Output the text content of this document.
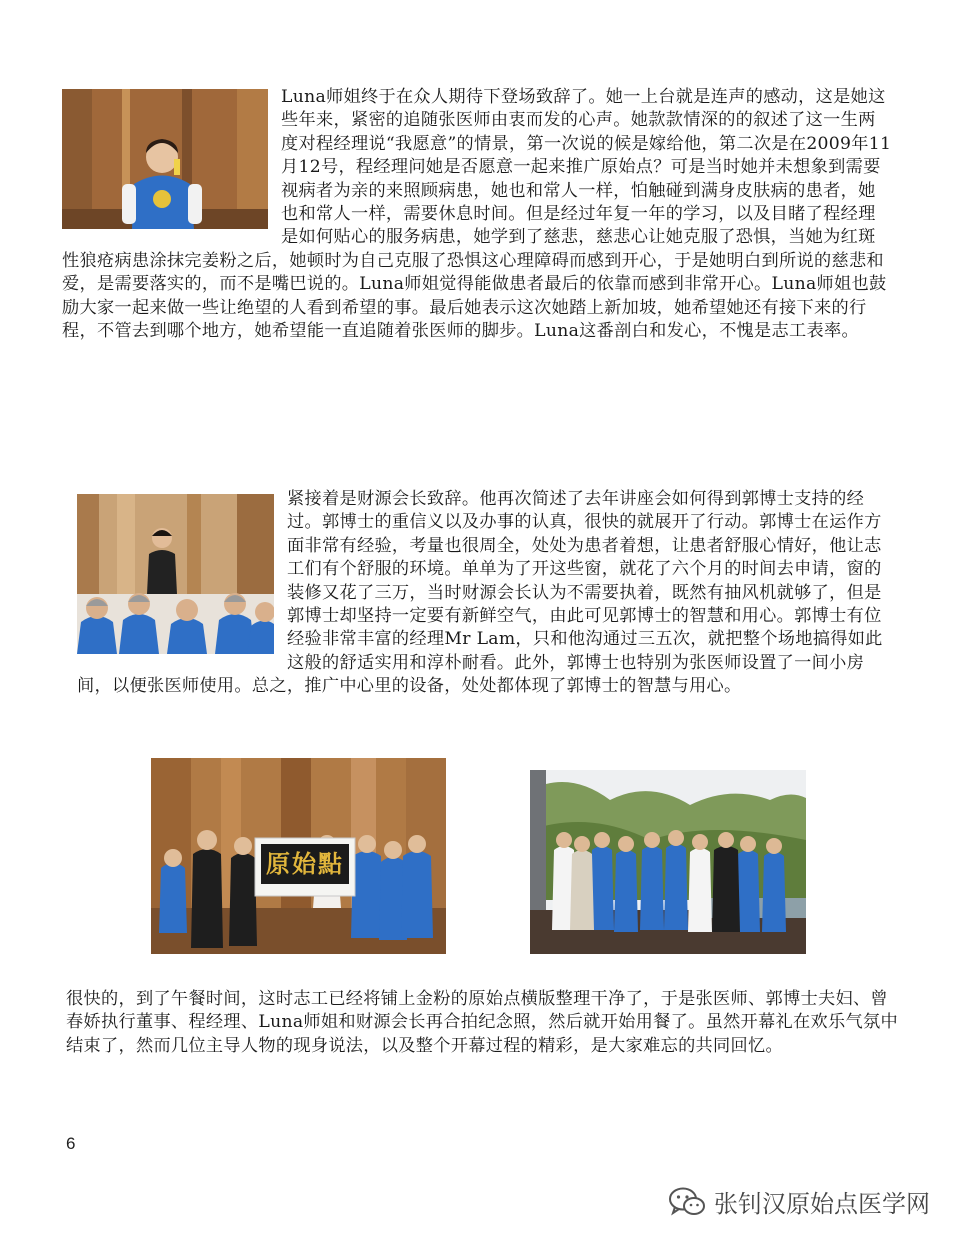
Luna师姐终于在众人期待下登场致辞了。她一上台就是连声的感动，这是她这些年来，紧密的追随张医师由衷而发的心声。她款款情深的的叙述了这一生两度对程经理说“我愿意”的情景，第一次说的候是嫁给他，第二次是在2009年11月12号，程经理问她是否愿意一起来推广原始点？可是当时她并未想象到需要视病者为亲的来照顾病患，她也和常人一样，怕触碰到满身皮肤病的患者，她也和常人一样，需要休息时间。但是经过年复一年的学习，以及目睹了程经理是如何贴心的服务病患，她学到了慈悲，慈悲心让她克服了恐惧，当她为红斑性狼疮病患涂抹完姜粉之后，她顿时为自己克服了恐惧这心理障碍而感到开心，于是她明白到所说的慈悲和爱，是需要落实的，而不是嘴巴说的。Luna师姐觉得能做患者最后的依靠而感到非常开心。Luna师姐也鼓励大家一起来做一些让绝望的人看到希望的事。最后她表示这次她踏上新加坡，她希望她还有接下来的行程，不管去到哪个地方，她希望能一直追随着张医师的脚步。Luna这番剖白和发心，不愧是志工表率。
紧接着是财源会长致辞。他再次简述了去年讲座会如何得到郭博士支持的经过。郭博士的重信义以及办事的认真，很快的就展开了行动。郭博士在运作方面非常有经验，考量也很周全，处处为患者着想，让患者舒服心情好，他让志工们有个舒服的环境。单单为了开这些窗，就花了六个月的时间去申请，窗的装修又花了三万，当时财源会长认为不需要执着，既然有抽风机就够了，但是郭博士却坚持一定要有新鲜空气，由此可见郭博士的智慧和用心。郭博士有位经验非常丰富的经理Mr Lam，只和他沟通过三五次，就把整个场地搞得如此这般的舒适实用和淳朴耐看。此外，郭博士也特别为张医师设置了一间小房间，以便张医师使用。总之，推广中心里的设备，处处都体现了郭博士的智慧与用心。
原始點
很快的，到了午餐时间，这时志工已经将铺上金粉的原始点横版整理干净了，于是张医师、郭博士夫妇、曾春娇执行董事、程经理、Luna师姐和财源会长再合拍纪念照，然后就开始用餐了。虽然开幕礼在欢乐气氛中结束了，然而几位主导人物的现身说法，以及整个开幕过程的精彩，是大家难忘的共同回忆。
6
张钊汉原始点医学网
